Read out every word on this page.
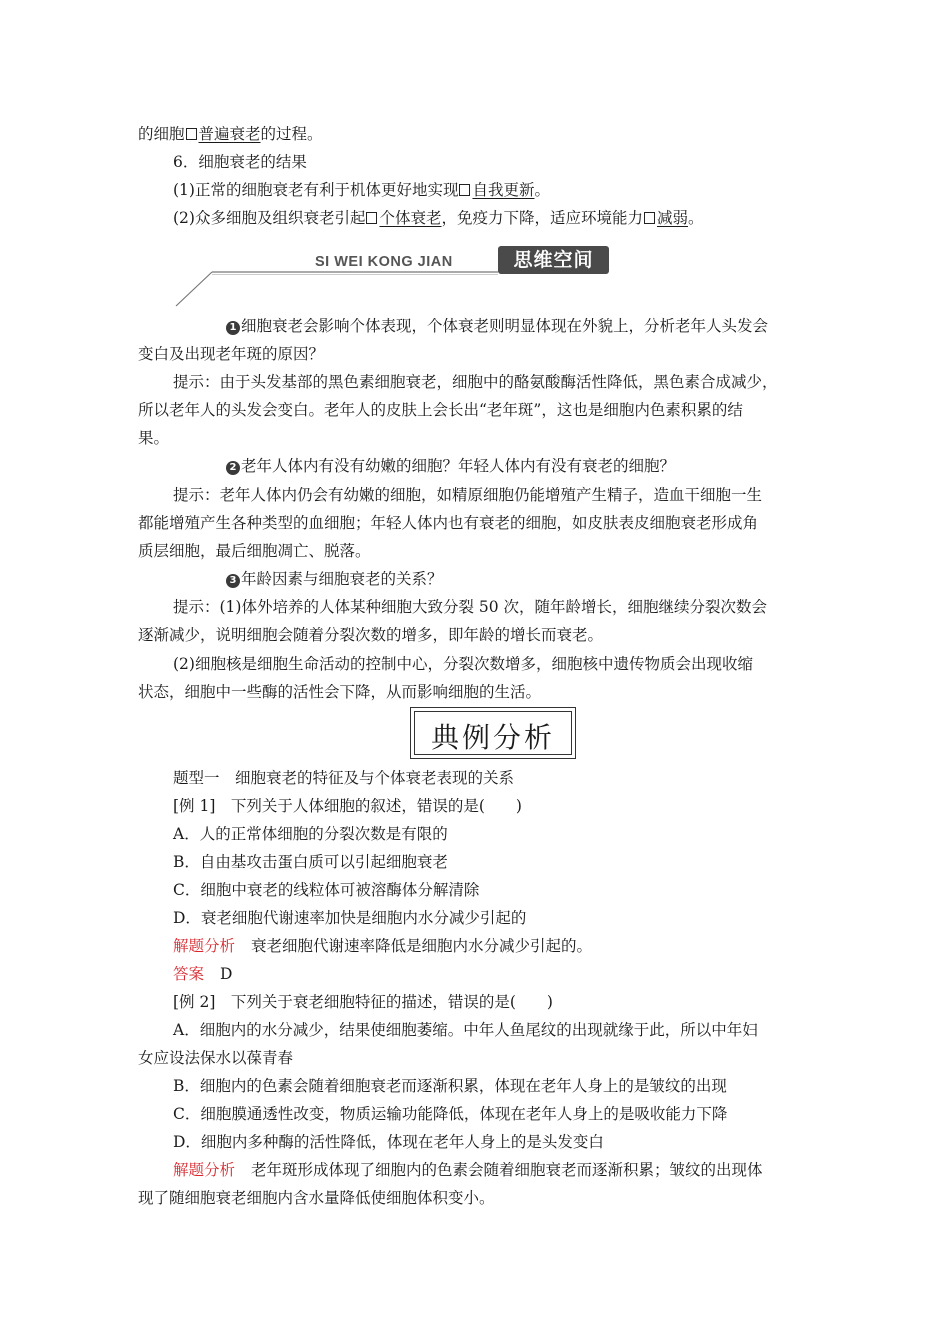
的细胞 普遍衰老的过程。
6．细胞衰老的结果
(1)正常的细胞衰老有利于机体更好地实现 自我更新。
(2)众多细胞及组织衰老引起 个体衰老，免疫力下降，适应环境能力 减弱。
SI WEI KONG JIAN	思维空间
1 细胞衰老会影响个体表现，个体衰老则明显体现在外貌上，分析老年人头发会
变白及出现老年斑的原因？
提示：由于头发基部的黑色素细胞衰老，细胞中的酪氨酸酶活性降低，黑色素合成减少，
所以老年人的头发会变白。老年人的皮肤上会长出“老年斑”，这也是细胞内色素积累的结
果。
2 老年人体内有没有幼嫩的细胞？年轻人体内有没有衰老的细胞？
提示：老年人体内仍会有幼嫩的细胞，如精原细胞仍能增殖产生精子，造血干细胞一生
都能增殖产生各种类型的血细胞；年轻人体内也有衰老的细胞，如皮肤表皮细胞衰老形成角
质层细胞，最后细胞凋亡、脱落。
3 年龄因素与细胞衰老的关系？
提示：(1)体外培养的人体某种细胞大致分裂 50 次，随年龄增长，细胞继续分裂次数会
逐渐减少，说明细胞会随着分裂次数的增多，即年龄的增长而衰老。
(2)细胞核是细胞生命活动的控制中心，分裂次数增多，细胞核中遗传物质会出现收缩
状态，细胞中一些酶的活性会下降，从而影响细胞的生活。
典例分析
题型一　细胞衰老的特征及与个体衰老表现的关系
[例 1]　下列关于人体细胞的叙述，错误的是(　　)
A．人的正常体细胞的分裂次数是有限的
B．自由基攻击蛋白质可以引起细胞衰老
C．细胞中衰老的线粒体可被溶酶体分解清除
D．衰老细胞代谢速率加快是细胞内水分减少引起的
解题分析 衰老细胞代谢速率降低是细胞内水分减少引起的。
答案 D
[例 2]　下列关于衰老细胞特征的描述，错误的是(　　)
A．细胞内的水分减少，结果使细胞萎缩。中年人鱼尾纹的出现就缘于此，所以中年妇
女应设法保水以葆青春
B．细胞内的色素会随着细胞衰老而逐渐积累，体现在老年人身上的是皱纹的出现
C．细胞膜通透性改变，物质运输功能降低，体现在老年人身上的是吸收能力下降
D．细胞内多种酶的活性降低，体现在老年人身上的是头发变白
解题分析 老年斑形成体现了细胞内的色素会随着细胞衰老而逐渐积累；皱纹的出现体
现了随细胞衰老细胞内含水量降低使细胞体积变小。
